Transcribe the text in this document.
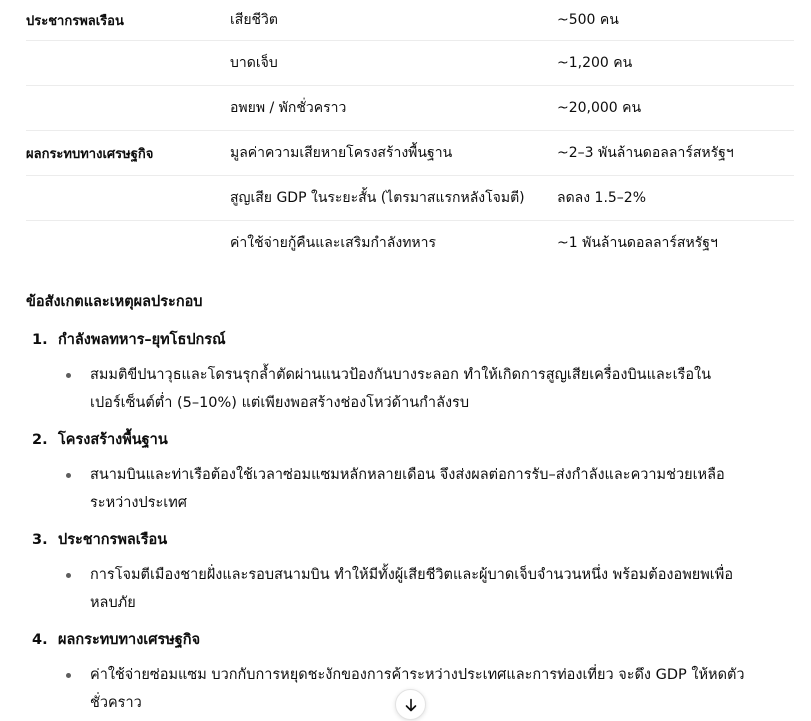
ประชากรพลเรือน	เสียชีวิต	~500 คน
	บาดเจ็บ	~1,200 คน
	อพยพ / พักชั่วคราว	~20,000 คน
ผลกระทบทางเศรษฐกิจ	มูลค่าความเสียหายโครงสร้างพื้นฐาน	~2–3 พันล้านดอลลาร์สหรัฐฯ
	สูญเสีย GDP ในระยะสั้น (ไตรมาสแรกหลังโจมตี)	ลดลง 1.5–2%
	ค่าใช้จ่ายกู้คืนและเสริมกำลังทหาร	~1 พันล้านดอลลาร์สหรัฐฯ
ข้อสังเกตและเหตุผลประกอบ
1. กำลังพลทหาร–ยุทโธปกรณ์
สมมติขีปนาวุธและโดรนรุกล้ำตัดผ่านแนวป้องกันบางระลอก ทำให้เกิดการสูญเสียเครื่องบินและเรือใน
เปอร์เซ็นต์ต่ำ (5–10%) แต่เพียงพอสร้างช่องโหว่ด้านกำลังรบ
2. โครงสร้างพื้นฐาน
สนามบินและท่าเรือต้องใช้เวลาซ่อมแซมหลักหลายเดือน จึงส่งผลต่อการรับ–ส่งกำลังและความช่วยเหลือ
ระหว่างประเทศ
3. ประชากรพลเรือน
การโจมตีเมืองชายฝั่งและรอบสนามบิน ทำให้มีทั้งผู้เสียชีวิตและผู้บาดเจ็บจำนวนหนึ่ง พร้อมต้องอพยพเพื่อ
หลบภัย
4. ผลกระทบทางเศรษฐกิจ
ค่าใช้จ่ายซ่อมแซม บวกกับการหยุดชะงักของการค้าระหว่างประเทศและการท่องเที่ยว จะดึง GDP ให้หดตัว
ชั่วคราว
